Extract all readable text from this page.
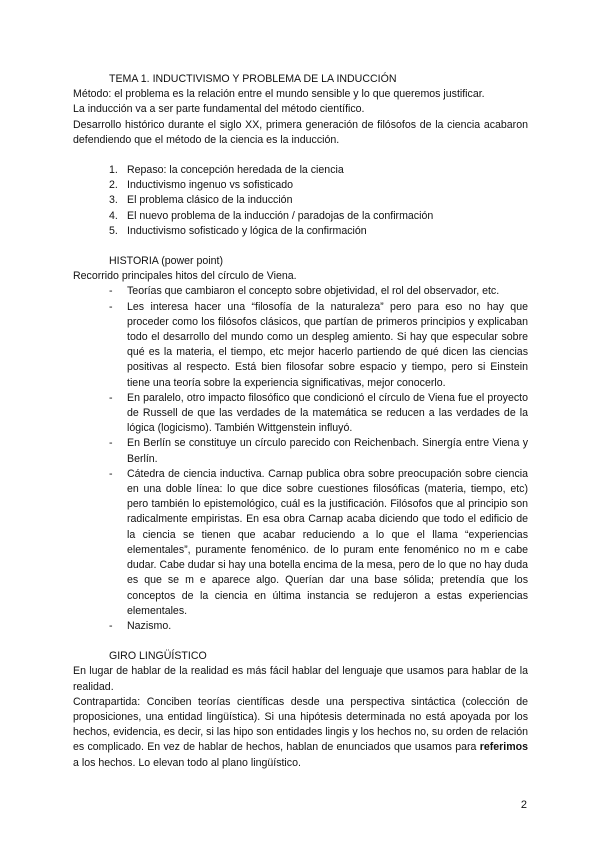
TEMA 1. INDUCTIVISMO Y PROBLEMA DE LA INDUCCIÓN

Método: el problema es la relación entre el mundo sensible y lo que queremos justificar.

La inducción va a ser parte fundamental del método científico.

Desarrollo histórico durante el siglo XX, primera generación de filósofos de la ciencia acabaron defendiendo que el método de la ciencia es la inducción.

1. Repaso: la concepción heredada de la ciencia
2. Inductivismo ingenuo vs sofisticado
3. El problema clásico de la inducción
4. El nuevo problema de la inducción / paradojas de la confirmación
5. Inductivismo sofisticado y lógica de la confirmación

HISTORIA (power point)

Recorrido principales hitos del círculo de Viena.

- Teorías que cambiaron el concepto sobre objetividad, el rol del observador, etc.
- Les interesa hacer una “filosofía de la naturaleza” pero para eso no hay que proceder como los filósofos clásicos, que partían de primeros principios y explicaban todo el desarrollo del mundo como un despleg amiento. Si hay que especular sobre qué es la materia, el tiempo, etc mejor hacerlo partiendo de qué dicen las ciencias positivas al respecto. Está bien filosofar sobre espacio y tiempo, pero si Einstein tiene una teoría sobre la experiencia significativas, mejor conocerlo.
- En paralelo, otro impacto filosófico que condicionó el círculo de Viena fue el proyecto de Russell de que las verdades de la matemática se reducen a las verdades de la lógica (logicismo). También Wittgenstein influyó.
- En Berlín se constituye un círculo parecido con Reichenbach. Sinergía entre Viena y Berlín.
- Cátedra de ciencia inductiva. Carnap publica obra sobre preocupación sobre ciencia en una doble línea: lo que dice sobre cuestiones filosóficas (materia, tiempo, etc) pero también lo epistemológico, cuál es la justificación. Filósofos que al principio son radicalmente empiristas. En esa obra Carnap acaba diciendo que todo el edificio de la ciencia se tienen que acabar reduciendo a lo que el llama “experiencias elementales”, puramente fenoménico. de lo puram ente fenoménico no m e cabe dudar. Cabe dudar si hay una botella encima de la mesa, pero de lo que no hay duda es que se m e aparece algo. Querían dar una base sólida; pretendía que los conceptos de la ciencia en última instancia se redujeron a estas experiencias elementales.
- Nazismo.

GIRO LINGÜÍSTICO

En lugar de hablar de la realidad es más fácil hablar del lenguaje que usamos para hablar de la realidad.

Contrapartida: Conciben teorías científicas desde una perspectiva sintáctica (colección de proposiciones, una entidad lingüística). Si una hipótesis determinada no está apoyada por los hechos, evidencia, es decir, si las hipo son entidades lingis y los hechos no, su orden de relación es complicado. En vez de hablar de hechos, hablan de enunciados que usamos para referimos a los hechos. Lo elevan todo al plano lingüístico.

2
